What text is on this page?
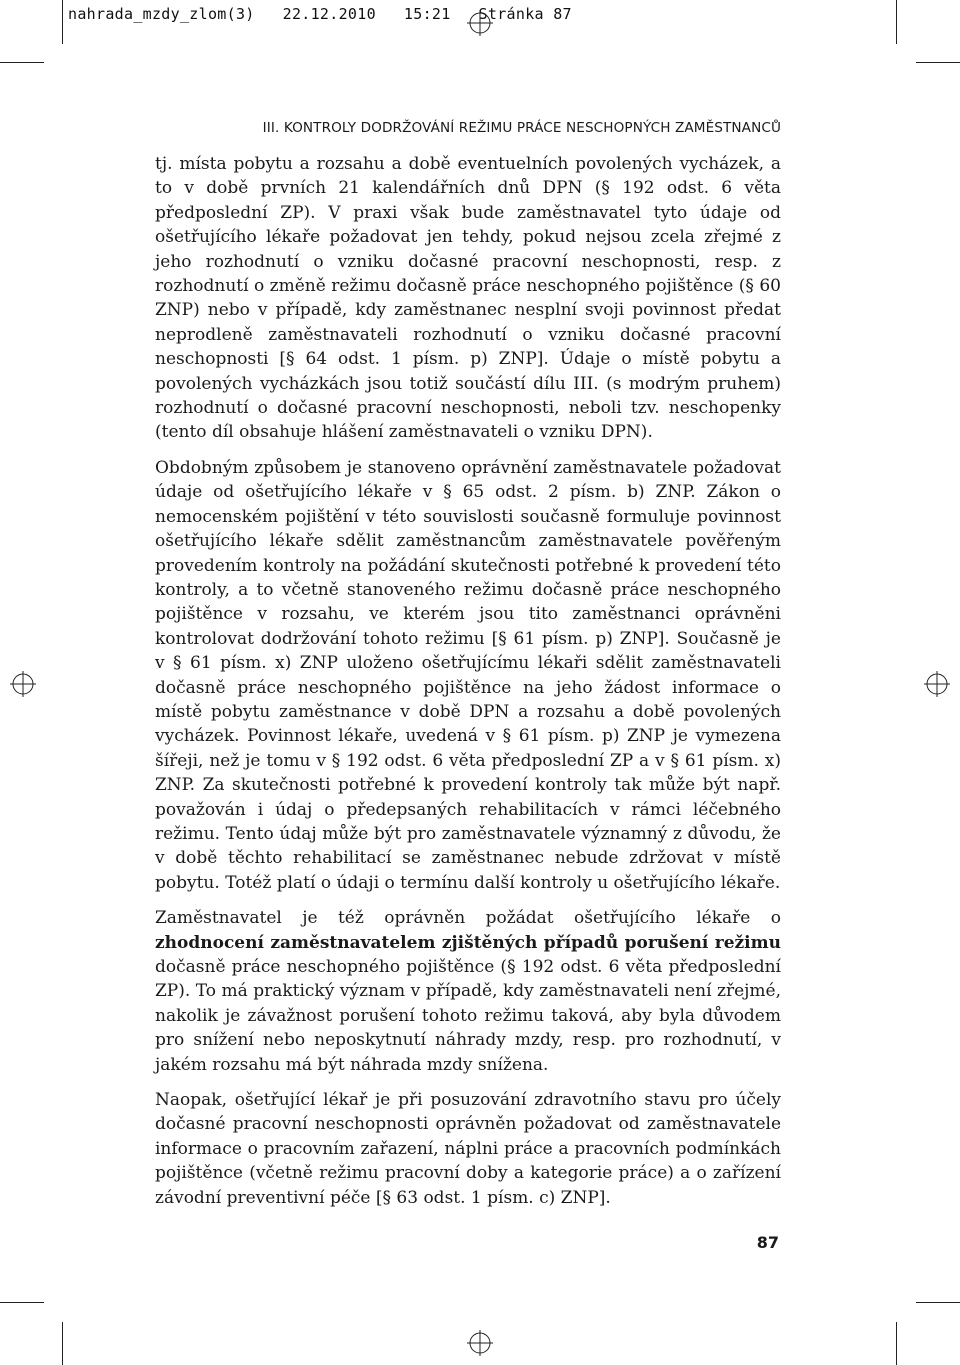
nahrada_mzdy_zlom(3)   22.12.2010   15:21   Stránka 87
III. KONTROLY DODRŽOVÁNÍ REŽIMU PRÁCE NESCHOPNÝCH ZAMĚSTNANCŮ

tj. místa pobytu a rozsahu a době eventuelních povolených vycházek, a to v době prvních 21 kalendářních dnů DPN (§ 192 odst. 6 věta předposlední ZP). V praxi však bude zaměstnavatel tyto údaje od ošetřujícího lékaře požadovat jen tehdy, pokud nejsou zcela zřejmé z jeho rozhodnutí o vzniku dočasné pracovní neschopnosti, resp. z rozhodnutí o změně režimu dočasně práce neschopného pojištěnce (§ 60 ZNP) nebo v případě, kdy zaměstnanec nesplní svoji povinnost předat neprodleně zaměstnavateli rozhodnutí o vzniku dočasné pracovní neschopnosti [§ 64 odst. 1 písm. p) ZNP]. Údaje o místě pobytu a povolených vycházkách jsou totiž součástí dílu III. (s modrým pruhem) rozhodnutí o dočasné pracovní neschopnosti, neboli tzv. neschopenky (tento díl obsahuje hlášení zaměstnavateli o vzniku DPN).

Obdobným způsobem je stanoveno oprávnění zaměstnavatele požadovat údaje od ošetřujícího lékaře v § 65 odst. 2 písm. b) ZNP. Zákon o nemocenském pojištění v této souvislosti současně formuluje povinnost ošetřujícího lékaře sdělit zaměstnancům zaměstnavatele pověřeným provedením kontroly na požádání skutečnosti potřebné k provedení této kontroly, a to včetně stanoveného režimu dočasně práce neschopného pojištěnce v rozsahu, ve kterém jsou tito zaměstnanci oprávněni kontrolovat dodržování tohoto režimu [§ 61 písm. p) ZNP]. Současně je v § 61 písm. x) ZNP uloženo ošetřujícímu lékaři sdělit zaměstnavateli dočasně práce neschopného pojištěnce na jeho žádost informace o místě pobytu zaměstnance v době DPN a rozsahu a době povolených vycházek. Povinnost lékaře, uvedená v § 61 písm. p) ZNP je vymezena šířeji, než je tomu v § 192 odst. 6 věta předposlední ZP a v § 61 písm. x) ZNP. Za skutečnosti potřebné k provedení kontroly tak může být např. považován i údaj o předepsaných rehabilitacích v rámci léčebného režimu. Tento údaj může být pro zaměstnavatele významný z důvodu, že v době těchto rehabilitací se zaměstnanec nebude zdržovat v místě pobytu. Totéž platí o údaji o termínu další kontroly u ošetřujícího lékaře.

Zaměstnavatel je též oprávněn požádat ošetřujícího lékaře o zhodnocení zaměstnavatelem zjištěných případů porušení režimu dočasně práce neschopného pojištěnce (§ 192 odst. 6 věta předposlední ZP). To má praktický význam v případě, kdy zaměstnavateli není zřejmé, nakolik je závažnost porušení tohoto režimu taková, aby byla důvodem pro snížení nebo neposkytnutí náhrady mzdy, resp. pro rozhodnutí, v jakém rozsahu má být náhrada mzdy snížena.

Naopak, ošetřující lékař je při posuzování zdravotního stavu pro účely dočasné pracovní neschopnosti oprávněn požadovat od zaměstnavatele informace o pracovním zařazení, náplni práce a pracovních podmínkách pojištěnce (včetně režimu pracovní doby a kategorie práce) a o zařízení závodní preventivní péče [§ 63 odst. 1 písm. c) ZNP].

87
